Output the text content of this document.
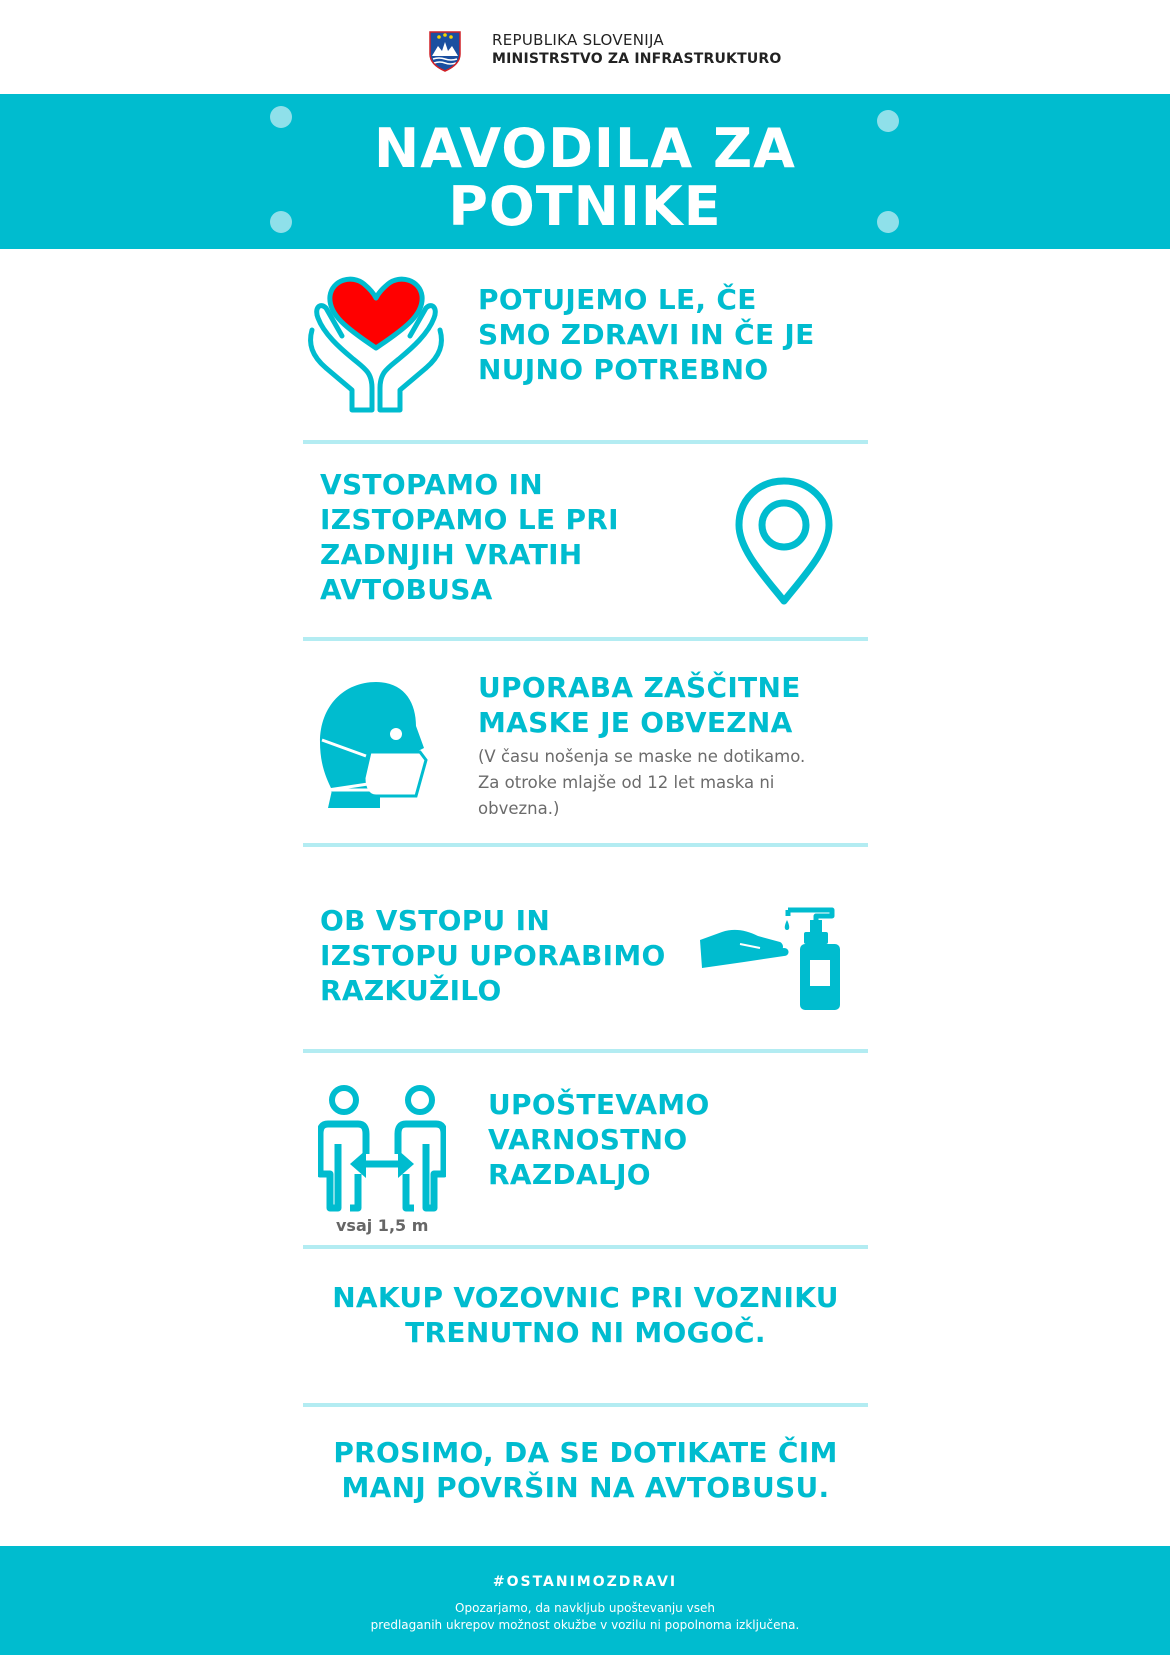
REPUBLIKA SLOVENIJA
MINISTRSTVO ZA INFRASTRUKTURO
NAVODILA ZA
POTNIKE
POTUJEMO LE, ČE
SMO ZDRAVI IN ČE JE
NUJNO POTREBNO
VSTOPAMO IN
IZSTOPAMO LE PRI
ZADNJIH VRATIH
AVTOBUSA
UPORABA ZAŠČITNE
MASKE JE OBVEZNA
(V času nošenja se maske ne dotikamo.
Za otroke mlajše od 12 let maska ni
obvezna.)
OB VSTOPU IN
IZSTOPU UPORABIMO
RAZKUŽILO
vsaj 1,5 m
UPOŠTEVAMO
VARNOSTNO
RAZDALJO
NAKUP VOZOVNIC PRI VOZNIKU
TRENUTNO NI MOGOČ.
PROSIMO, DA SE DOTIKATE ČIM
MANJ POVRŠIN NA AVTOBUSU.
#OSTANIMOZDRAVI
Opozarjamo, da navkljub upoštevanju vseh
predlaganih ukrepov možnost okužbe v vozilu ni popolnoma izključena.
